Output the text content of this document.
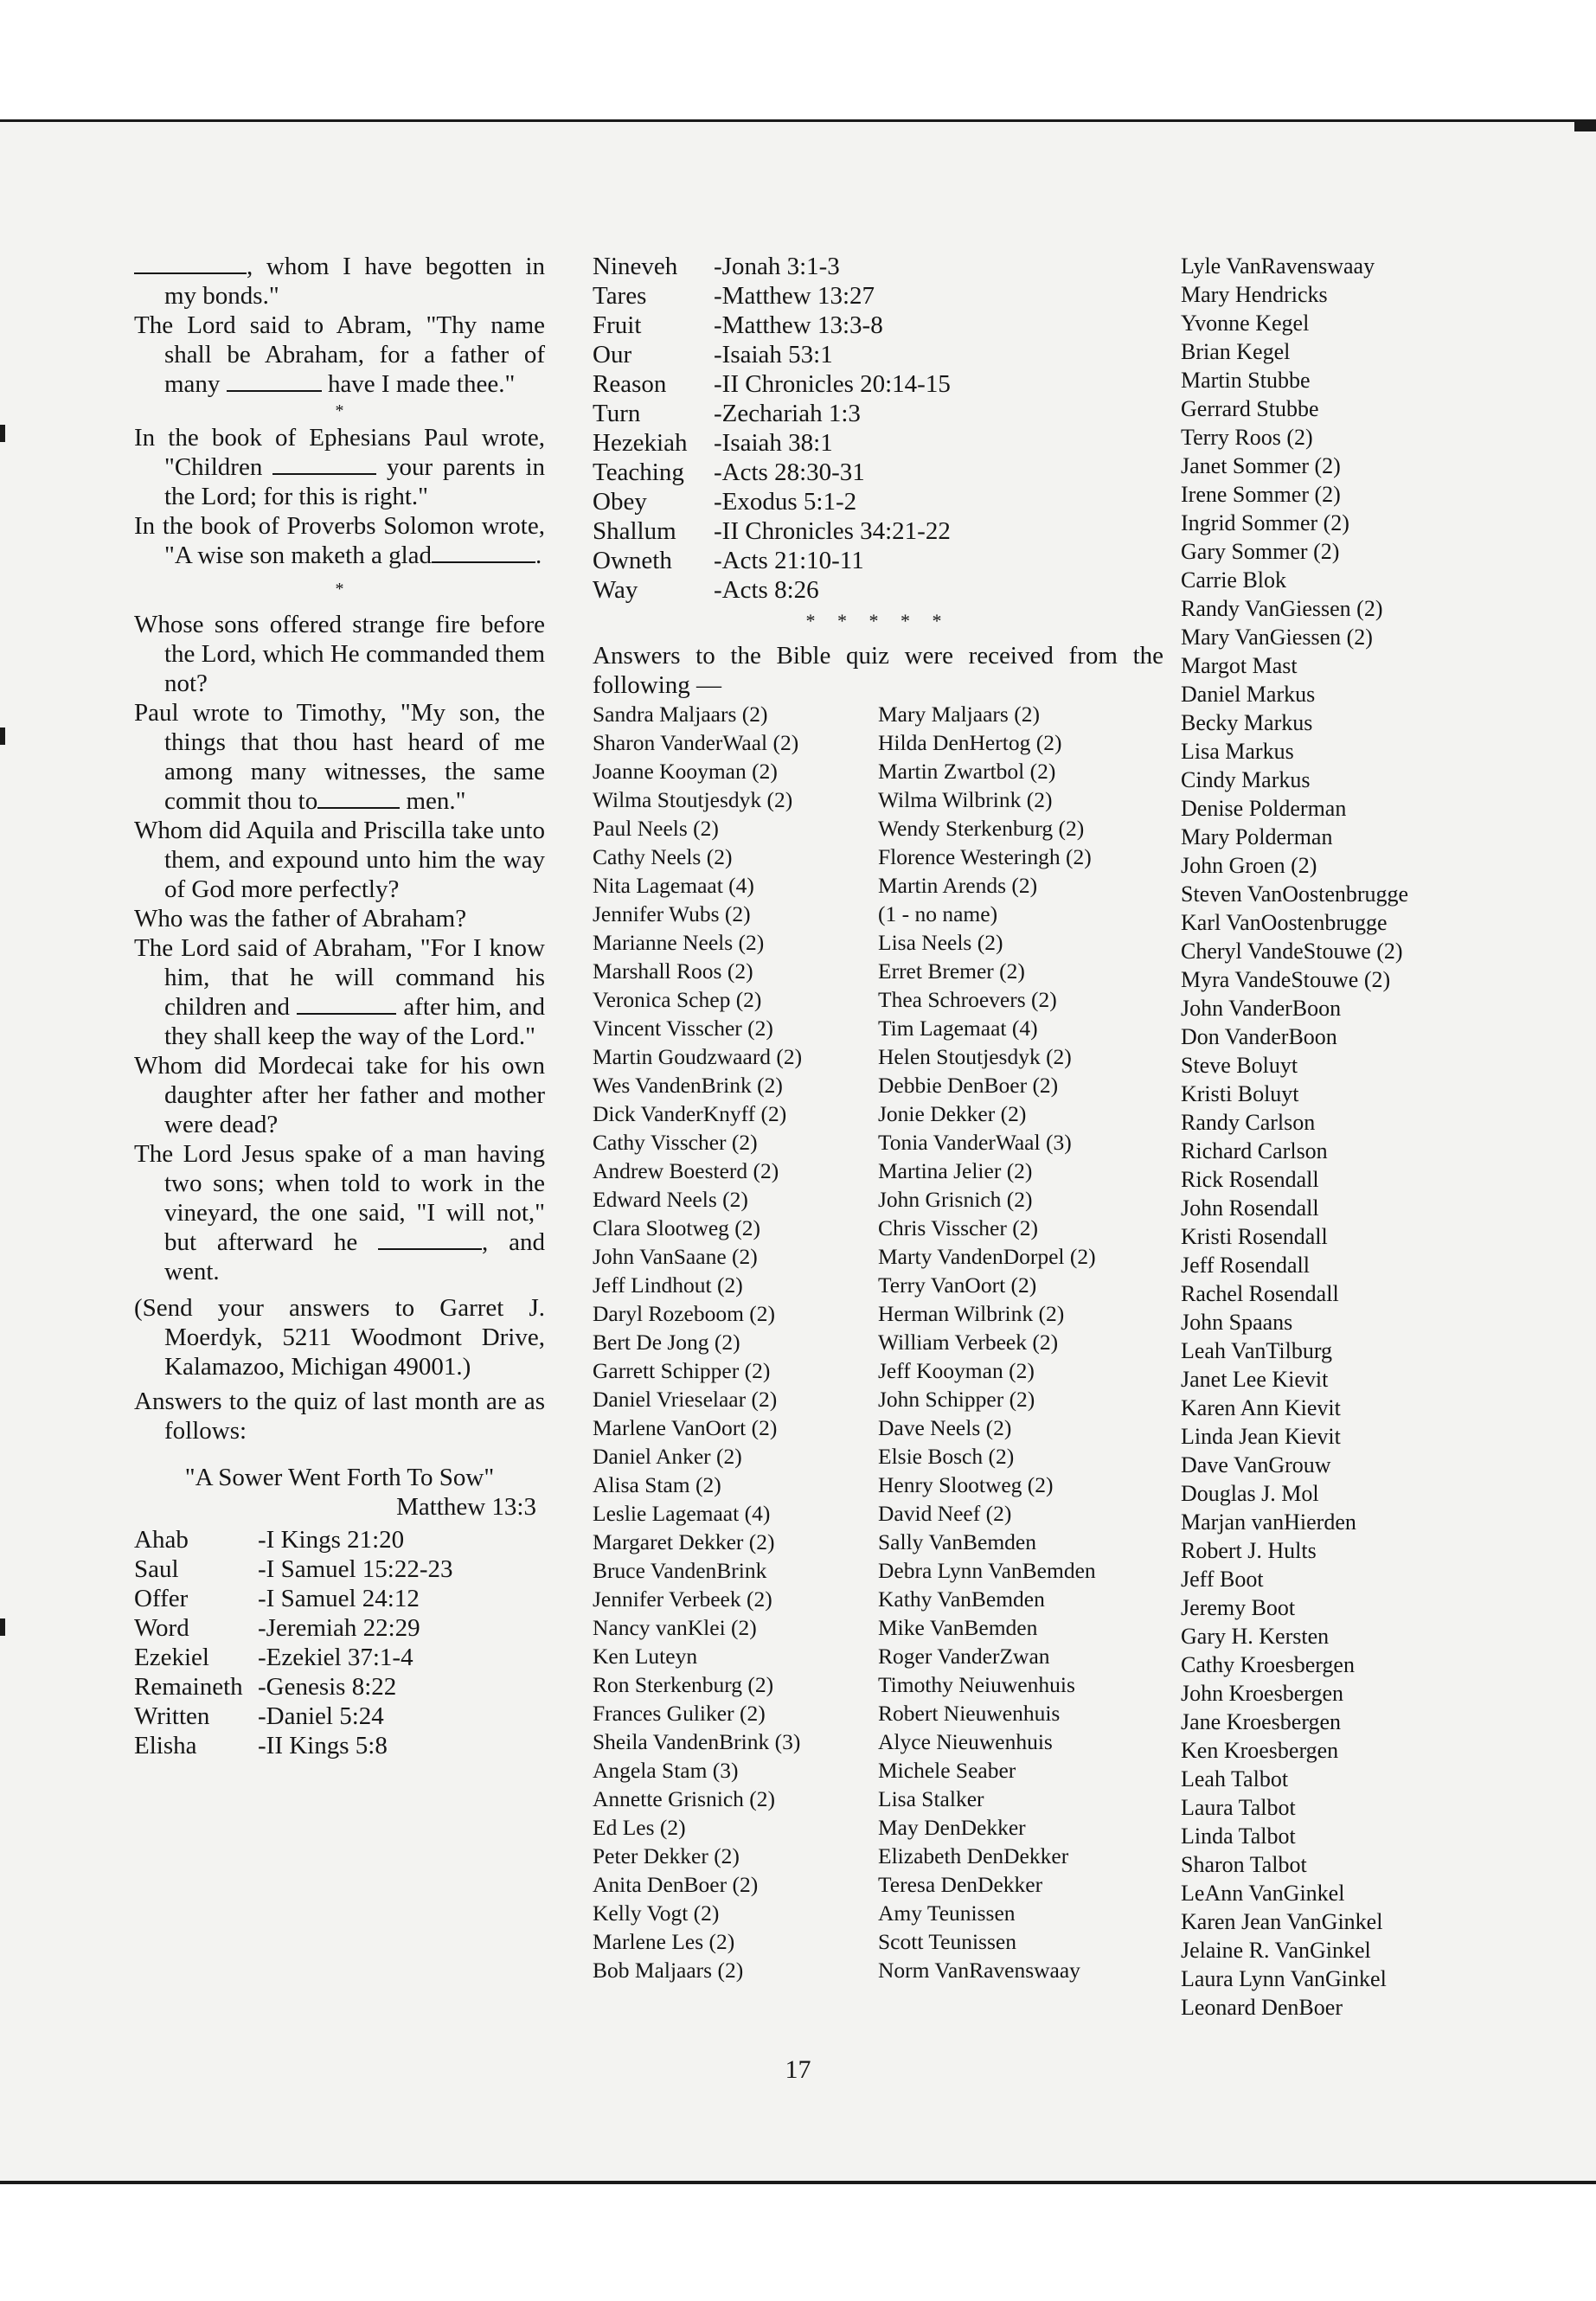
, whom I have begotten in my bonds."

The Lord said to Abram, "Thy name shall be Abraham, for a father of many	have I made thee."

*

In the book of Ephesians Paul wrote, "Children	your parents in the Lord; for this is right."

In the book of Proverbs Solomon wrote, "A wise son maketh a glad	.

*

Whose sons offered strange fire before the Lord, which He commanded them not?

Paul wrote to Timothy, "My son, the things that thou hast heard of me among many witnesses, the same commit thou to	men."

Whom did Aquila and Priscilla take unto them, and expound unto him the way of God more perfectly?

Who was the father of Abraham?

The Lord said of Abraham, "For I know him, that he will command his children and	after him, and they shall keep the way of the Lord."

Whom did Mordecai take for his own daughter after her father and mother were dead?

The Lord Jesus spake of a man having two sons; when told to work in the vineyard, the one said, "I will not," but afterward he	, and went.

(Send your answers to Garret J. Moerdyk, 5211 Woodmont Drive, Kalamazoo, Michigan 49001.)

Answers to the quiz of last month are as follows:

"A Sower Went Forth To Sow"
Matthew 13:3
Ahab	-I Kings 21:20
Saul	-I Samuel 15:22-23
Offer	-I Samuel 24:12
Word	-Jeremiah 22:29
Ezekiel	-Ezekiel 37:1-4
Remaineth -Genesis 8:22
Written	-Daniel 5:24
Elisha	-II Kings 5:8
Nineveh	-Jonah 3:1-3
Tares	-Matthew 13:27
Fruit	-Matthew 13:3-8
Our	-Isaiah 53:1
Reason	-II Chronicles 20:14-15
Turn	-Zechariah 1:3
Hezekiah	-Isaiah 38:1
Teaching	-Acts 28:30-31
Obey	-Exodus 5:1-2
Shallum	-II Chronicles 34:21-22
Owneth	-Acts 21:10-11
Way	-Acts 8:26
* * * * *

Answers to the Bible quiz were received from the following —

Sandra Maljaars (2)	Mary Maljaars (2)
Sharon VanderWaal (2)	Hilda DenHertog (2)
Joanne Kooyman (2)	Martin Zwartbol (2)
Wilma Stoutjesdyk (2)	Wilma Wilbrink (2)
Paul Neels (2)	Wendy Sterkenburg (2)
Cathy Neels (2)	Florence Westeringh (2)
Nita Lagemaat (4)	Martin Arends (2)
Jennifer Wubs (2)	(1 - no name)
Marianne Neels (2)	Lisa Neels (2)
Marshall Roos (2)	Erret Bremer (2)
Veronica Schep (2)	Thea Schroevers (2)
Vincent Visscher (2)	Tim Lagemaat (4)
Martin Goudzwaard (2)	Helen Stoutjesdyk (2)
Wes VandenBrink (2)	Debbie DenBoer (2)
Dick VanderKnyff (2)	Jonie Dekker (2)
Cathy Visscher (2)	Tonia VanderWaal (3)
Andrew Boesterd (2)	Martina Jelier (2)
Edward Neels (2)	John Grisnich (2)
Clara Slootweg (2)	Chris Visscher (2)
John VanSaane (2)	Marty VandenDorpel (2)
Jeff Lindhout (2)	Terry VanOort (2)
Daryl Rozeboom (2)	Herman Wilbrink (2)
Bert De Jong (2)	William Verbeek (2)
Garrett Schipper (2)	Jeff Kooyman (2)
Daniel Vrieselaar (2)	John Schipper (2)
Marlene VanOort (2)	Dave Neels (2)
Daniel Anker (2)	Elsie Bosch (2)
Alisa Stam (2)	Henry Slootweg (2)
Leslie Lagemaat (4)	David Neef (2)
Margaret Dekker (2)	Sally VanBemden
Bruce VandenBrink	Debra Lynn VanBemden
Jennifer Verbeek (2)	Kathy VanBemden
Nancy vanKlei (2)	Mike VanBemden
Ken Luteyn	Roger VanderZwan
Ron Sterkenburg (2)	Timothy Neiuwenhuis
Frances Guliker (2)	Robert Nieuwenhuis
Sheila VandenBrink (3)	Alyce Nieuwenhuis
Angela Stam (3)	Michele Seaber
Annette Grisnich (2)	Lisa Stalker
Ed Les (2)	May DenDekker
Peter Dekker (2)	Elizabeth DenDekker
Anita DenBoer (2)	Teresa DenDekker
Kelly Vogt (2)	Amy Teunissen
Marlene Les (2)	Scott Teunissen
Bob Maljaars (2)	Norm VanRavenswaay
Lyle VanRavenswaay
Mary Hendricks
Yvonne Kegel
Brian Kegel
Martin Stubbe
Gerrard Stubbe
Terry Roos (2)
Janet Sommer (2)
Irene Sommer (2)
Ingrid Sommer (2)
Gary Sommer (2)
Carrie Blok
Randy VanGiessen (2)
Mary VanGiessen (2)
Margot Mast
Daniel Markus
Becky Markus
Lisa Markus
Cindy Markus
Denise Polderman
Mary Polderman
John Groen (2)
Steven VanOostenbrugge
Karl VanOostenbrugge
Cheryl VandeStouwe (2)
Myra VandeStouwe (2)
John VanderBoon
Don VanderBoon
Steve Boluyt
Kristi Boluyt
Randy Carlson
Richard Carlson
Rick Rosendall
John Rosendall
Kristi Rosendall
Jeff Rosendall
Rachel Rosendall
John Spaans
Leah VanTilburg
Janet Lee Kievit
Karen Ann Kievit
Linda Jean Kievit
Dave VanGrouw
Douglas J. Mol
Marjan vanHierden
Robert J. Hults
Jeff Boot
Jeremy Boot
Gary H. Kersten
Cathy Kroesbergen
John Kroesbergen
Jane Kroesbergen
Ken Kroesbergen
Leah Talbot
Laura Talbot
Linda Talbot
Sharon Talbot
LeAnn VanGinkel
Karen Jean VanGinkel
Jelaine R. VanGinkel
Laura Lynn VanGinkel
Leonard DenBoer
17
